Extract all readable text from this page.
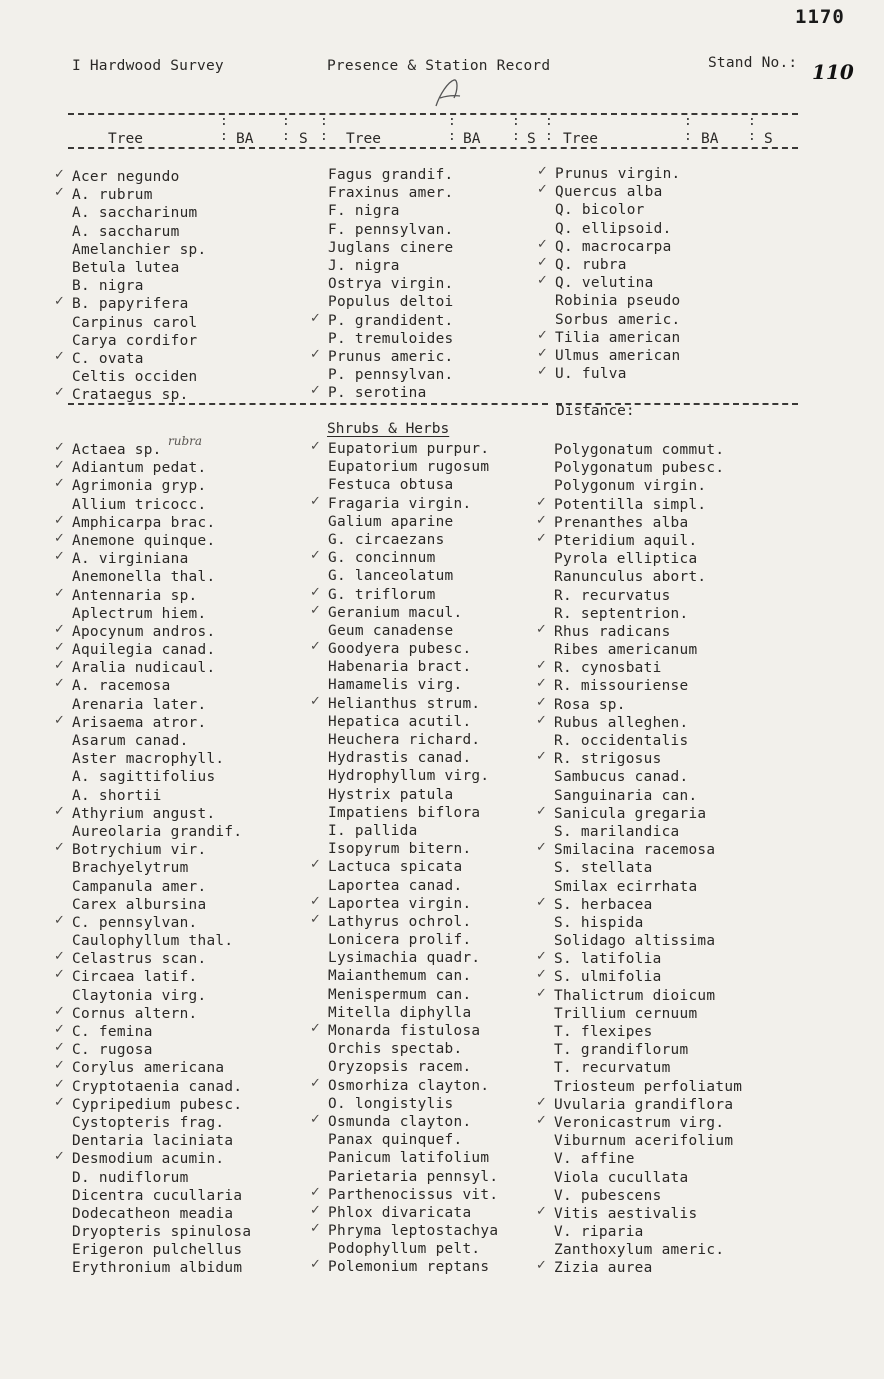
1170
I Hardwood Survey	Presence & Station Record	Stand No.: 110
Tree	BA	S	Tree	BA	S Tree	BA	S
:
:
:
:
:
:
:
:
:
:
:
:
:
:
:
:
✓ Acer negundo
✓ A. rubrum
A. saccharinum
A. saccharum
Amelanchier sp.
Betula lutea
B. nigra
✓ B. papyrifera
Carpinus carol
Carya cordifor
✓ C. ovata
Celtis occiden
✓ Crataegus sp.
Fagus grandif.
Fraxinus amer.
F. nigra
F. pennsylvan.
Juglans cinere
J. nigra
Ostrya virgin.
Populus deltoi
✓ P. grandident.
P. tremuloides
✓ Prunus americ.
P. pennsylvan.
✓ P. serotina
✓ Prunus virgin.
✓ Quercus alba
Q. bicolor
Q. ellipsoid.
✓ Q. macrocarpa
✓ Q. rubra
✓ Q. velutina
Robinia pseudo
Sorbus americ.
✓ Tilia american
✓ Ulmus american
✓ U. fulva
Distance:
Shrubs & Herbs
rubra
✓ Actaea sp.
✓ Adiantum pedat.
✓ Agrimonia gryp.
Allium tricocc.
✓ Amphicarpa brac.
✓ Anemone quinque.
✓ A. virginiana
Anemonella thal.
✓ Antennaria sp.
Aplectrum hiem.
✓ Apocynum andros.
✓ Aquilegia canad.
✓ Aralia nudicaul.
✓ A. racemosa
Arenaria later.
✓ Arisaema atror.
Asarum canad.
Aster macrophyll.
A. sagittifolius
A. shortii
✓ Athyrium angust.
Aureolaria grandif.
✓ Botrychium vir.
Brachyelytrum
Campanula amer.
Carex albursina
✓ C. pennsylvan.
Caulophyllum thal.
✓ Celastrus scan.
✓ Circaea latif.
Claytonia virg.
✓ Cornus altern.
✓ C. femina
✓ C. rugosa
✓ Corylus americana
✓ Cryptotaenia canad.
✓ Cypripedium pubesc.
Cystopteris frag.
Dentaria laciniata
✓ Desmodium acumin.
D. nudiflorum
Dicentra cucullaria
Dodecatheon meadia
Dryopteris spinulosa
Erigeron pulchellus
Erythronium albidum
✓ Eupatorium purpur.
Eupatorium rugosum
Festuca obtusa
✓ Fragaria virgin.
Galium aparine
G. circaezans
✓ G. concinnum
G. lanceolatum
✓ G. triflorum
✓ Geranium macul.
Geum canadense
✓ Goodyera pubesc.
Habenaria bract.
Hamamelis virg.
✓ Helianthus strum.
Hepatica acutil.
Heuchera richard.
Hydrastis canad.
Hydrophyllum virg.
Hystrix patula
Impatiens biflora
I. pallida
Isopyrum bitern.
✓ Lactuca spicata
Laportea canad.
✓ Laportea virgin.
✓ Lathyrus ochrol.
Lonicera prolif.
Lysimachia quadr.
Maianthemum can.
Menispermum can.
Mitella diphylla
✓ Monarda fistulosa
Orchis spectab.
Oryzopsis racem.
✓ Osmorhiza clayton.
O. longistylis
✓ Osmunda clayton.
Panax quinquef.
Panicum latifolium
Parietaria pennsyl.
✓ Parthenocissus vit.
✓ Phlox divaricata
✓ Phryma leptostachya
Podophyllum pelt.
✓ Polemonium reptans
Polygonatum commut.
Polygonatum pubesc.
Polygonum virgin.
✓ Potentilla simpl.
✓ Prenanthes alba
✓ Pteridium aquil.
Pyrola elliptica
Ranunculus abort.
R. recurvatus
R. septentrion.
✓ Rhus radicans
Ribes americanum
✓ R. cynosbati
✓ R. missouriense
✓ Rosa sp.
✓ Rubus alleghen.
R. occidentalis
✓ R. strigosus
Sambucus canad.
Sanguinaria can.
✓ Sanicula gregaria
S. marilandica
✓ Smilacina racemosa
S. stellata
Smilax ecirrhata
✓ S. herbacea
S. hispida
Solidago altissima
✓ S. latifolia
✓ S. ulmifolia
✓ Thalictrum dioicum
Trillium cernuum
T. flexipes
T. grandiflorum
T. recurvatum
Triosteum perfoliatum
✓ Uvularia grandiflora
✓ Veronicastrum virg.
Viburnum acerifolium
V. affine
Viola cucullata
V. pubescens
✓ Vitis aestivalis
V. riparia
Zanthoxylum americ.
✓ Zizia aurea
